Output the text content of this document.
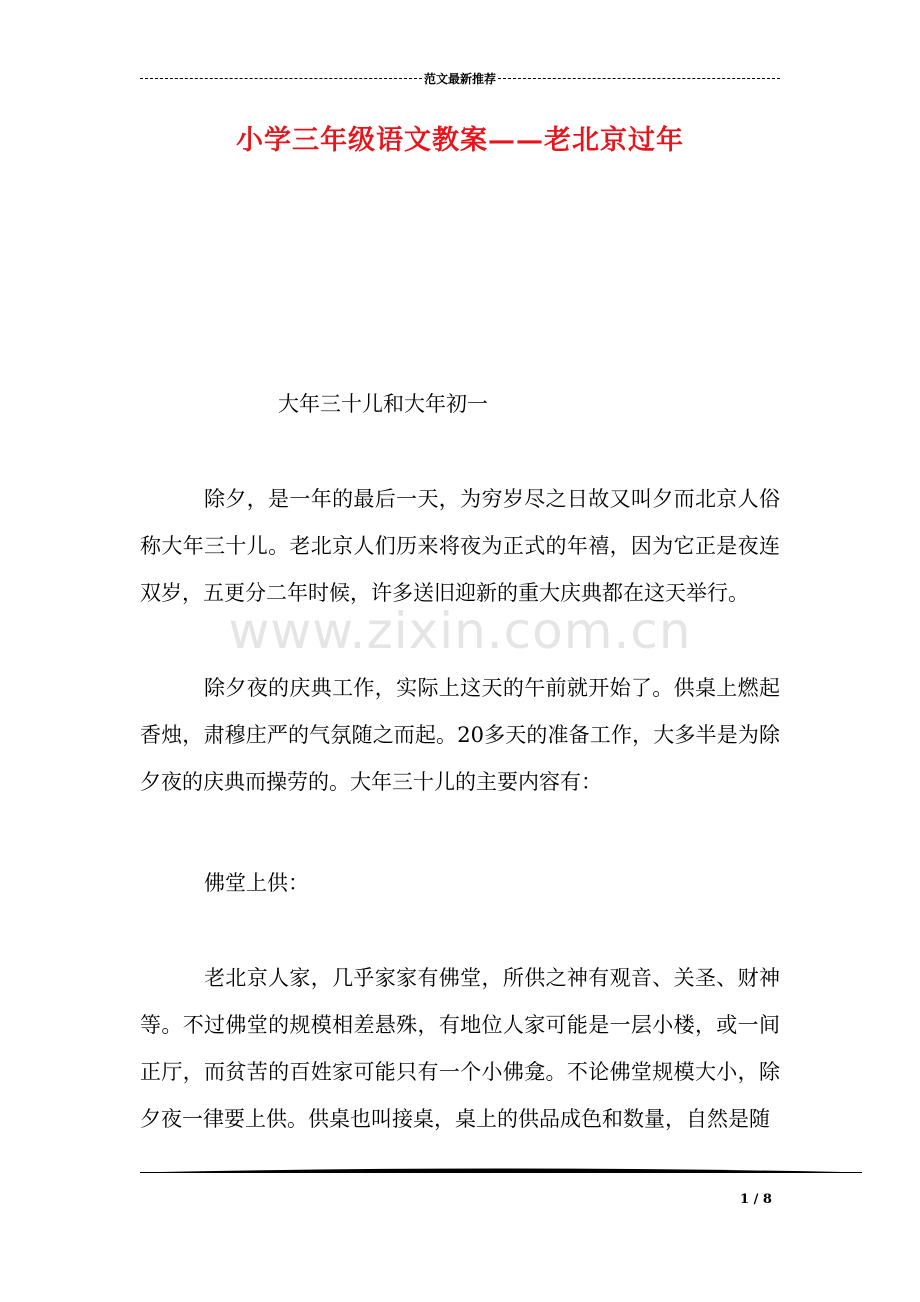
范文最新推荐
小学三年级语文教案——老北京过年
大年三十儿和大年初一
www.zixin.com.cn

除夕，是一年的最后一天，为穷岁尽之日故又叫夕而北京人俗称大年三十儿。老北京人们历来将夜为正式的年禧，因为它正是夜连双岁，五更分二年时候，许多送旧迎新的重大庆典都在这天举行。

除夕夜的庆典工作，实际上这天的午前就开始了。供桌上燃起香烛，肃穆庄严的气氛随之而起。20多天的准备工作，大多半是为除夕夜的庆典而操劳的。大年三十儿的主要内容有：

佛堂上供：

老北京人家，几乎家家有佛堂，所供之神有观音、关圣、财神等。不过佛堂的规模相差悬殊，有地位人家可能是一层小楼，或一间正厅，而贫苦的百姓家可能只有一个小佛龛。不论佛堂规模大小，除夕夜一律要上供。供桌也叫接桌，桌上的供品成色和数量，自然是随

1 / 8
